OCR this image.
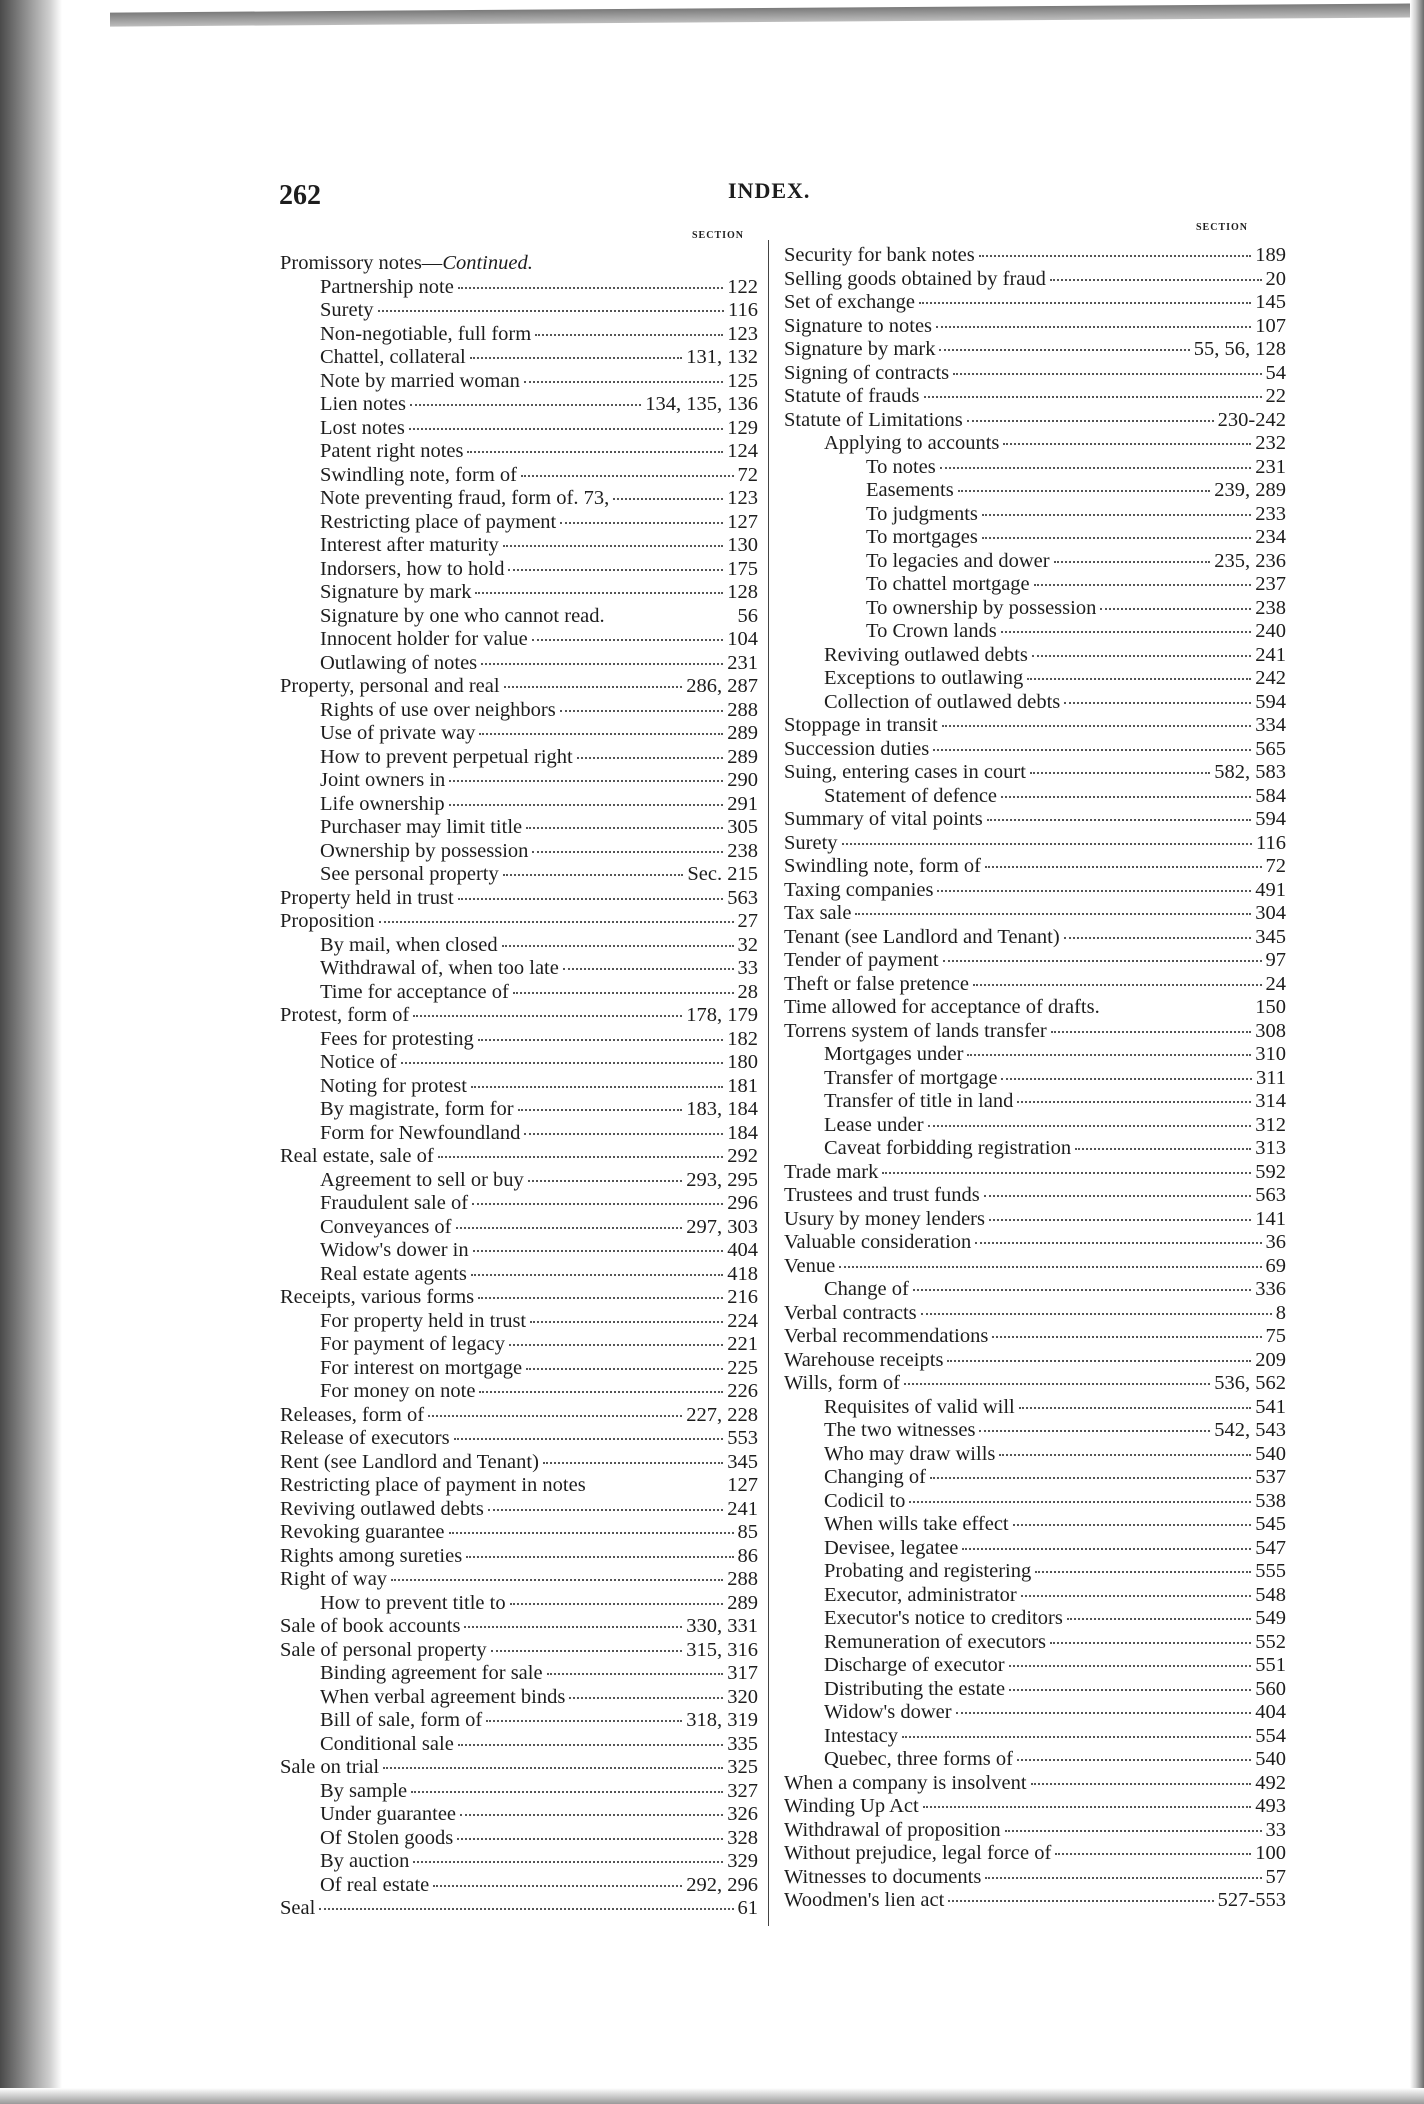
262	INDEX.
SECTION
SECTION
Promissory notes—Continued.
Partnership note	122
Surety	116
Non-negotiable, full form	123
Chattel, collateral	131, 132
Note by married woman	125
Lien notes	134, 135, 136
Lost notes	129
Patent right notes	124
Swindling note, form of	72
Note preventing fraud, form of. 73,	123
Restricting place of payment	127
Interest after maturity	130
Indorsers, how to hold	175
Signature by mark	128
Signature by one who cannot read.	56
Innocent holder for value	104
Outlawing of notes	231
Property, personal and real	286, 287
Rights of use over neighbors	288
Use of private way	289
How to prevent perpetual right	289
Joint owners in	290
Life ownership	291
Purchaser may limit title	305
Ownership by possession	238
See personal property	Sec. 215
Property held in trust	563
Proposition	27
By mail, when closed	32
Withdrawal of, when too late	33
Time for acceptance of	28
Protest, form of	178, 179
Fees for protesting	182
Notice of	180
Noting for protest	181
By magistrate, form for	183, 184
Form for Newfoundland	184
Real estate, sale of	292
Agreement to sell or buy	293, 295
Fraudulent sale of	296
Conveyances of	297, 303
Widow's dower in	404
Real estate agents	418
Receipts, various forms	216
For property held in trust	224
For payment of legacy	221
For interest on mortgage	225
For money on note	226
Releases, form of	227, 228
Release of executors	553
Rent (see Landlord and Tenant)	345
Restricting place of payment in notes	127
Reviving outlawed debts	241
Revoking guarantee	85
Rights among sureties	86
Right of way	288
How to prevent title to	289
Sale of book accounts	330, 331
Sale of personal property	315, 316
Binding agreement for sale	317
When verbal agreement binds	320
Bill of sale, form of	318, 319
Conditional sale	335
Sale on trial	325
By sample	327
Under guarantee	326
Of Stolen goods	328
By auction	329
Of real estate	292, 296
Seal	61
Security for bank notes	189
Selling goods obtained by fraud	20
Set of exchange	145
Signature to notes	107
Signature by mark	55, 56, 128
Signing of contracts	54
Statute of frauds	22
Statute of Limitations	230-242
Applying to accounts	232
To notes	231
Easements	239, 289
To judgments	233
To mortgages	234
To legacies and dower	235, 236
To chattel mortgage	237
To ownership by possession	238
To Crown lands	240
Reviving outlawed debts	241
Exceptions to outlawing	242
Collection of outlawed debts	594
Stoppage in transit	334
Succession duties	565
Suing, entering cases in court	582, 583
Statement of defence	584
Summary of vital points	594
Surety	116
Swindling note, form of	72
Taxing companies	491
Tax sale	304
Tenant (see Landlord and Tenant)	345
Tender of payment	97
Theft or false pretence	24
Time allowed for acceptance of drafts.	150
Torrens system of lands transfer	308
Mortgages under	310
Transfer of mortgage	311
Transfer of title in land	314
Lease under	312
Caveat forbidding registration	313
Trade mark	592
Trustees and trust funds	563
Usury by money lenders	141
Valuable consideration	36
Venue	69
Change of	336
Verbal contracts	8
Verbal recommendations	75
Warehouse receipts	209
Wills, form of	536, 562
Requisites of valid will	541
The two witnesses	542, 543
Who may draw wills	540
Changing of	537
Codicil to	538
When wills take effect	545
Devisee, legatee	547
Probating and registering	555
Executor, administrator	548
Executor's notice to creditors	549
Remuneration of executors	552
Discharge of executor	551
Distributing the estate	560
Widow's dower	404
Intestacy	554
Quebec, three forms of	540
When a company is insolvent	492
Winding Up Act	493
Withdrawal of proposition	33
Without prejudice, legal force of	100
Witnesses to documents	57
Woodmen's lien act	527-553
